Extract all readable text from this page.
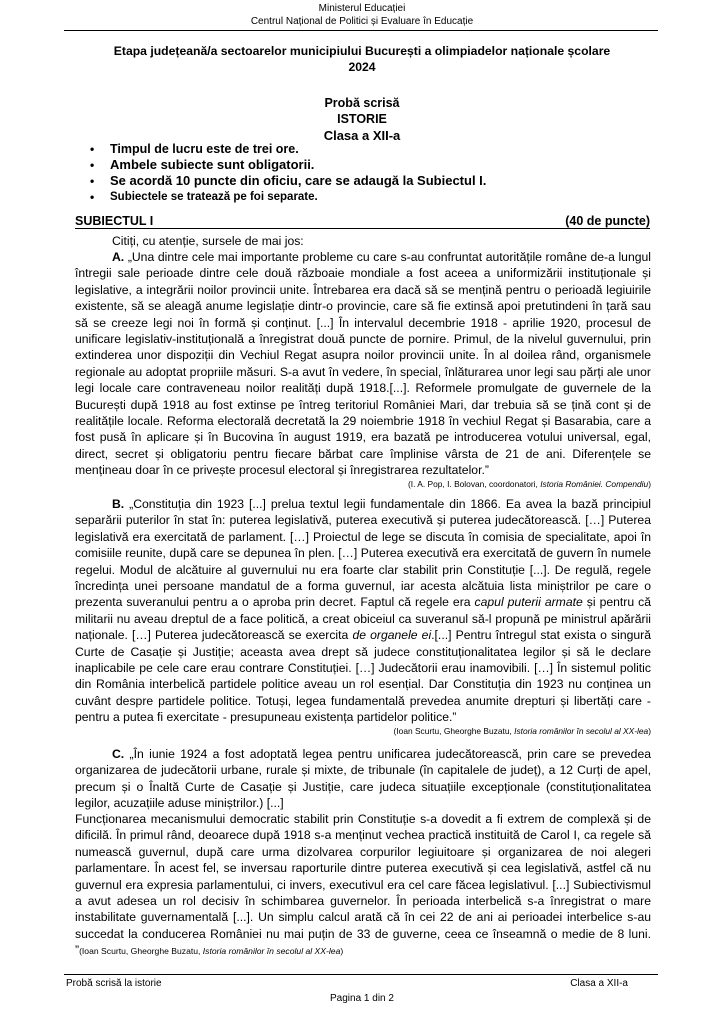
Ministerul Educației
Centrul Național de Politici și Evaluare în Educație
Etapa județeană/a sectoarelor municipiului București a olimpiadelor naționale școlare
2024
Probă scrisă
ISTORIE
Clasa a XII-a
• Timpul de lucru este de trei ore.
• Ambele subiecte sunt obligatorii.
• Se acordă 10 puncte din oficiu, care se adaugă la Subiectul I.
• Subiectele se tratează pe foi separate.
SUBIECTUL I	(40 de puncte)
Citiți, cu atenție, sursele de mai jos:
A. „Una dintre cele mai importante probleme cu care s-au confruntat autoritățile române de-a lungul întregii sale perioade dintre cele două războaie mondiale a fost aceea a uniformizării instituționale și legislative, a integrării noilor provincii unite. Întrebarea era dacă să se mențină pentru o perioadă legiuirile existente, să se aleagă anume legislație dintr-o provincie, care să fie extinsă apoi pretutindeni în țară sau să se creeze legi noi în formă și conținut. [...] În intervalul decembrie 1918 - aprilie 1920, procesul de unificare legislativ-instituțională a înregistrat două puncte de pornire. Primul, de la nivelul guvernului, prin extinderea unor dispoziții din Vechiul Regat asupra noilor provincii unite. În al doilea rând, organismele regionale au adoptat propriile măsuri. S-a avut în vedere, în special, înlăturarea unor legi sau părți ale unor legi locale care contraveneau noilor realități după 1918.[...]. Reformele promulgate de guvernele de la București după 1918 au fost extinse pe întreg teritoriul României Mari, dar trebuia să se țină cont și de realitățile locale. Reforma electorală decretată la 29 noiembrie 1918 în vechiul Regat și Basarabia, care a fost pusă în aplicare și în Bucovina în august 1919, era bazată pe introducerea votului universal, egal, direct, secret și obligatoriu pentru fiecare bărbat care împlinise vârsta de 21 de ani. Diferențele se mențineau doar în ce privește procesul electoral și înregistrarea rezultatelor.”
(I. A. Pop, I. Bolovan, coordonatori, Istoria României. Compendiu)
B. „Constituția din 1923 [...] prelua textul legii fundamentale din 1866. Ea avea la bază principiul separării puterilor în stat în: puterea legislativă, puterea executivă și puterea judecătorească. […] Puterea legislativă era exercitată de parlament. […] Proiectul de lege se discuta în comisia de specialitate, apoi în comisiile reunite, după care se depunea în plen. […] Puterea executivă era exercitată de guvern în numele regelui. Modul de alcătuire al guvernului nu era foarte clar stabilit prin Constituție [...]. De regulă, regele încredința unei persoane mandatul de a forma guvernul, iar acesta alcătuia lista miniștrilor pe care o prezenta suveranului pentru a o aproba prin decret. Faptul că regele era capul puterii armate și pentru că militarii nu aveau dreptul de a face politică, a creat obiceiul ca suveranul să-l propună pe ministrul apărării naționale. […] Puterea judecătorească se exercita de organele ei.[...] Pentru întregul stat exista o singură Curte de Casație și Justiție; aceasta avea drept să judece constituționalitatea legilor și să le declare inaplicabile pe cele care erau contrare Constituției. […] Judecătorii erau inamovibili. […] În sistemul politic din România interbelică partidele politice aveau un rol esențial. Dar Constituția din 1923 nu conținea un cuvânt despre partidele politice. Totuși, legea fundamentală prevedea anumite drepturi și libertăți care - pentru a putea fi exercitate - presupuneau existența partidelor politice.”
(Ioan Scurtu, Gheorghe Buzatu, Istoria românilor în secolul al XX-lea)
C. „În iunie 1924 a fost adoptată legea pentru unificarea judecătorească, prin care se prevedea organizarea de judecătorii urbane, rurale și mixte, de tribunale (în capitalele de județ), a 12 Curți de apel, precum și o Înaltă Curte de Casație și Justiție, care judeca situațiile excepționale (constituționalitatea legilor, acuzațiile aduse miniștrilor.) [...]
Funcționarea mecanismului democratic stabilit prin Constituție s-a dovedit a fi extrem de complexă și de dificilă. În primul rând, deoarece după 1918 s-a menținut vechea practică instituită de Carol I, ca regele să numească guvernul, după care urma dizolvarea corpurilor legiuitoare și organizarea de noi alegeri parlamentare. În acest fel, se inversau raporturile dintre puterea executivă și cea legislativă, astfel că nu guvernul era expresia parlamentului, ci invers, executivul era cel care făcea legislativul. [...] Subiectivismul a avut adesea un rol decisiv în schimbarea guvernelor. În perioada interbelică s-a înregistrat o mare instabilitate guvernamentală [...]. Un simplu calcul arată că în cei 22 de ani ai perioadei interbelice s-au succedat la conducerea României nu mai puțin de 33 de guverne, ceea ce înseamnă o medie de 8 luni. ”(Ioan Scurtu, Gheorghe Buzatu, Istoria românilor în secolul al XX-lea)
Probă scrisă la istorie	Clasa a XII-a
Pagina 1 din 2
